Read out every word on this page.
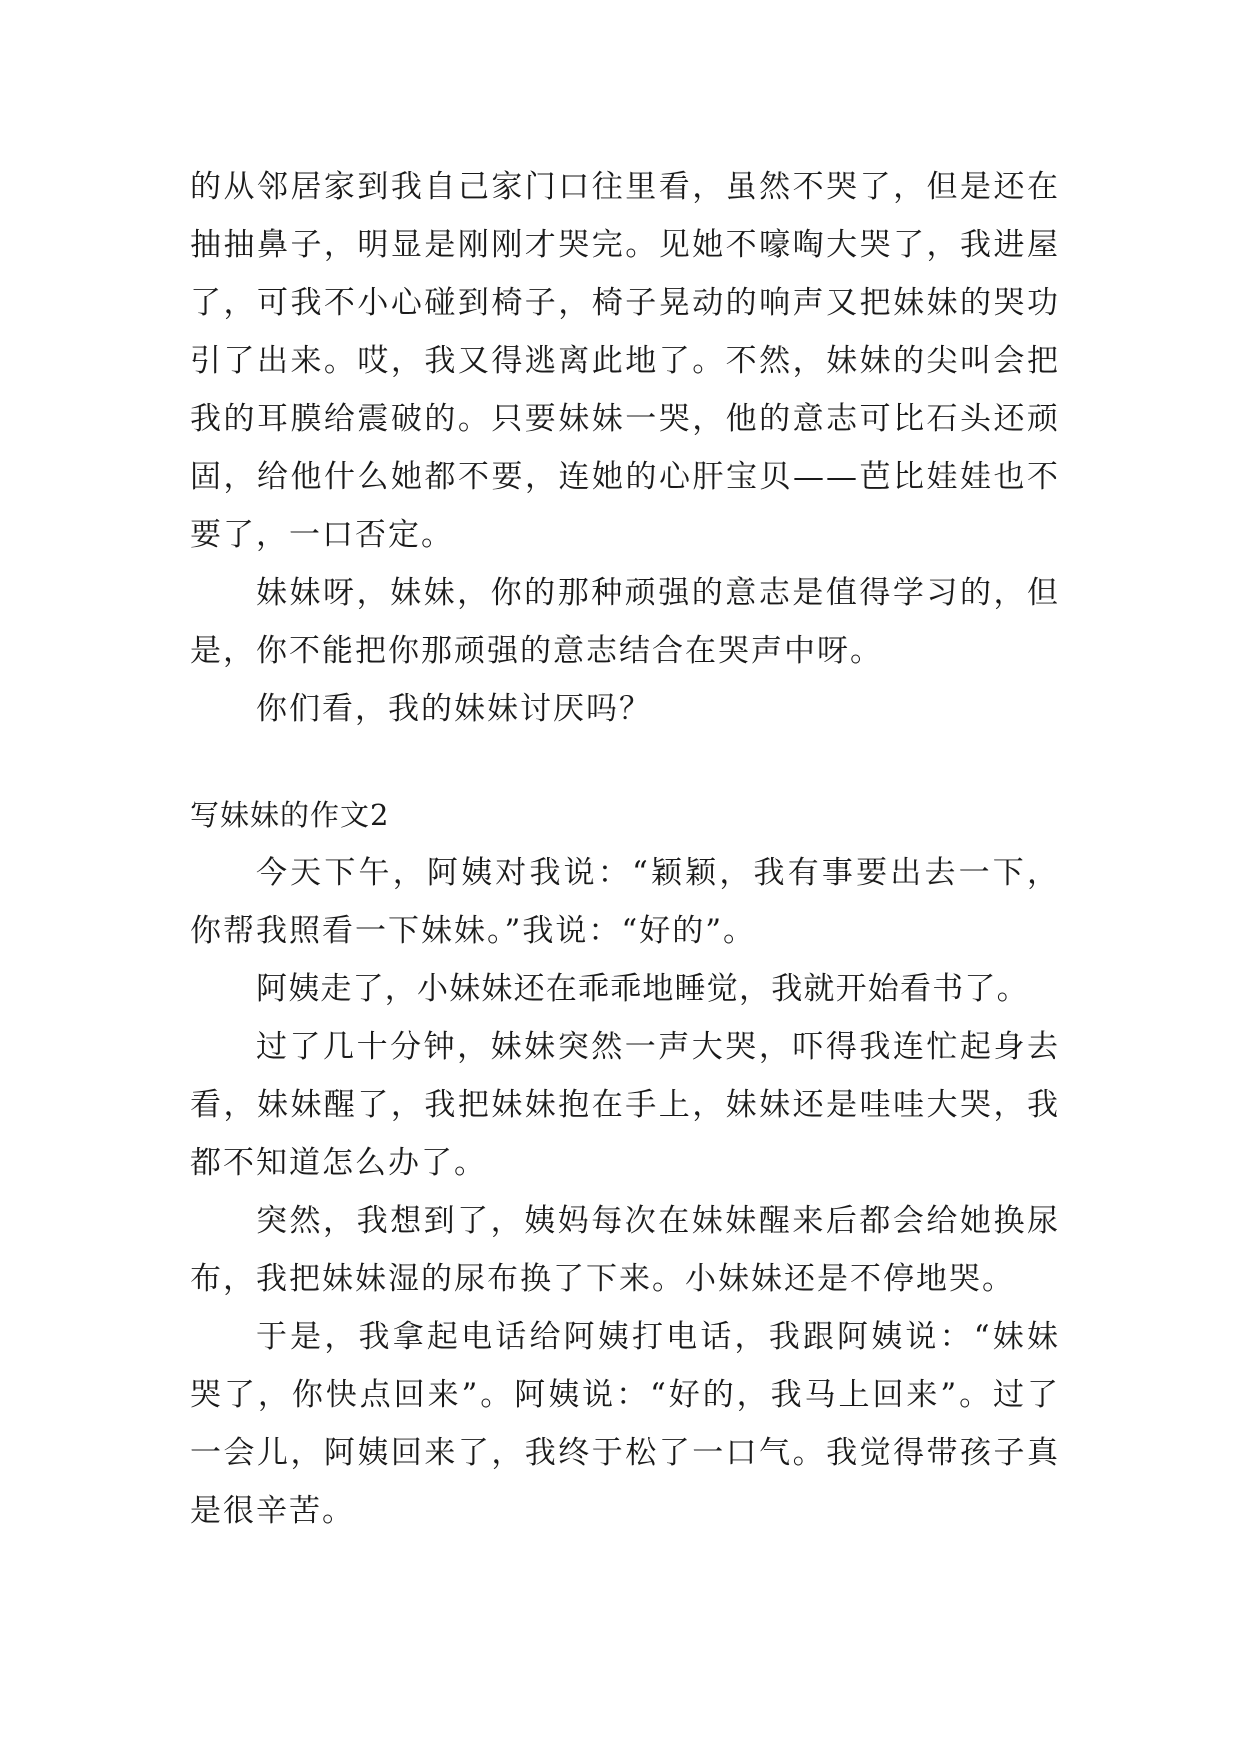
的从邻居家到我自己家门口往里看，虽然不哭了，但是还在抽抽鼻子，明显是刚刚才哭完。见她不嚎啕大哭了，我进屋了，可我不小心碰到椅子，椅子晃动的响声又把妹妹的哭功引了出来。哎，我又得逃离此地了。不然，妹妹的尖叫会把我的耳膜给震破的。只要妹妹一哭，他的意志可比石头还顽固，给他什么她都不要，连她的心肝宝贝——芭比娃娃也不要了，一口否定。

妹妹呀，妹妹，你的那种顽强的意志是值得学习的，但是，你不能把你那顽强的意志结合在哭声中呀。

你们看，我的妹妹讨厌吗？

写妹妹的作文2

今天下午，阿姨对我说：“颖颖，我有事要出去一下，你帮我照看一下妹妹。”我说：“好的”。

阿姨走了，小妹妹还在乖乖地睡觉，我就开始看书了。

过了几十分钟，妹妹突然一声大哭，吓得我连忙起身去看，妹妹醒了，我把妹妹抱在手上，妹妹还是哇哇大哭，我都不知道怎么办了。

突然，我想到了，姨妈每次在妹妹醒来后都会给她换尿布，我把妹妹湿的尿布换了下来。小妹妹还是不停地哭。

于是，我拿起电话给阿姨打电话，我跟阿姨说：“妹妹哭了，你快点回来”。阿姨说：“好的，我马上回来”。过了一会儿，阿姨回来了，我终于松了一口气。我觉得带孩子真是很辛苦。
